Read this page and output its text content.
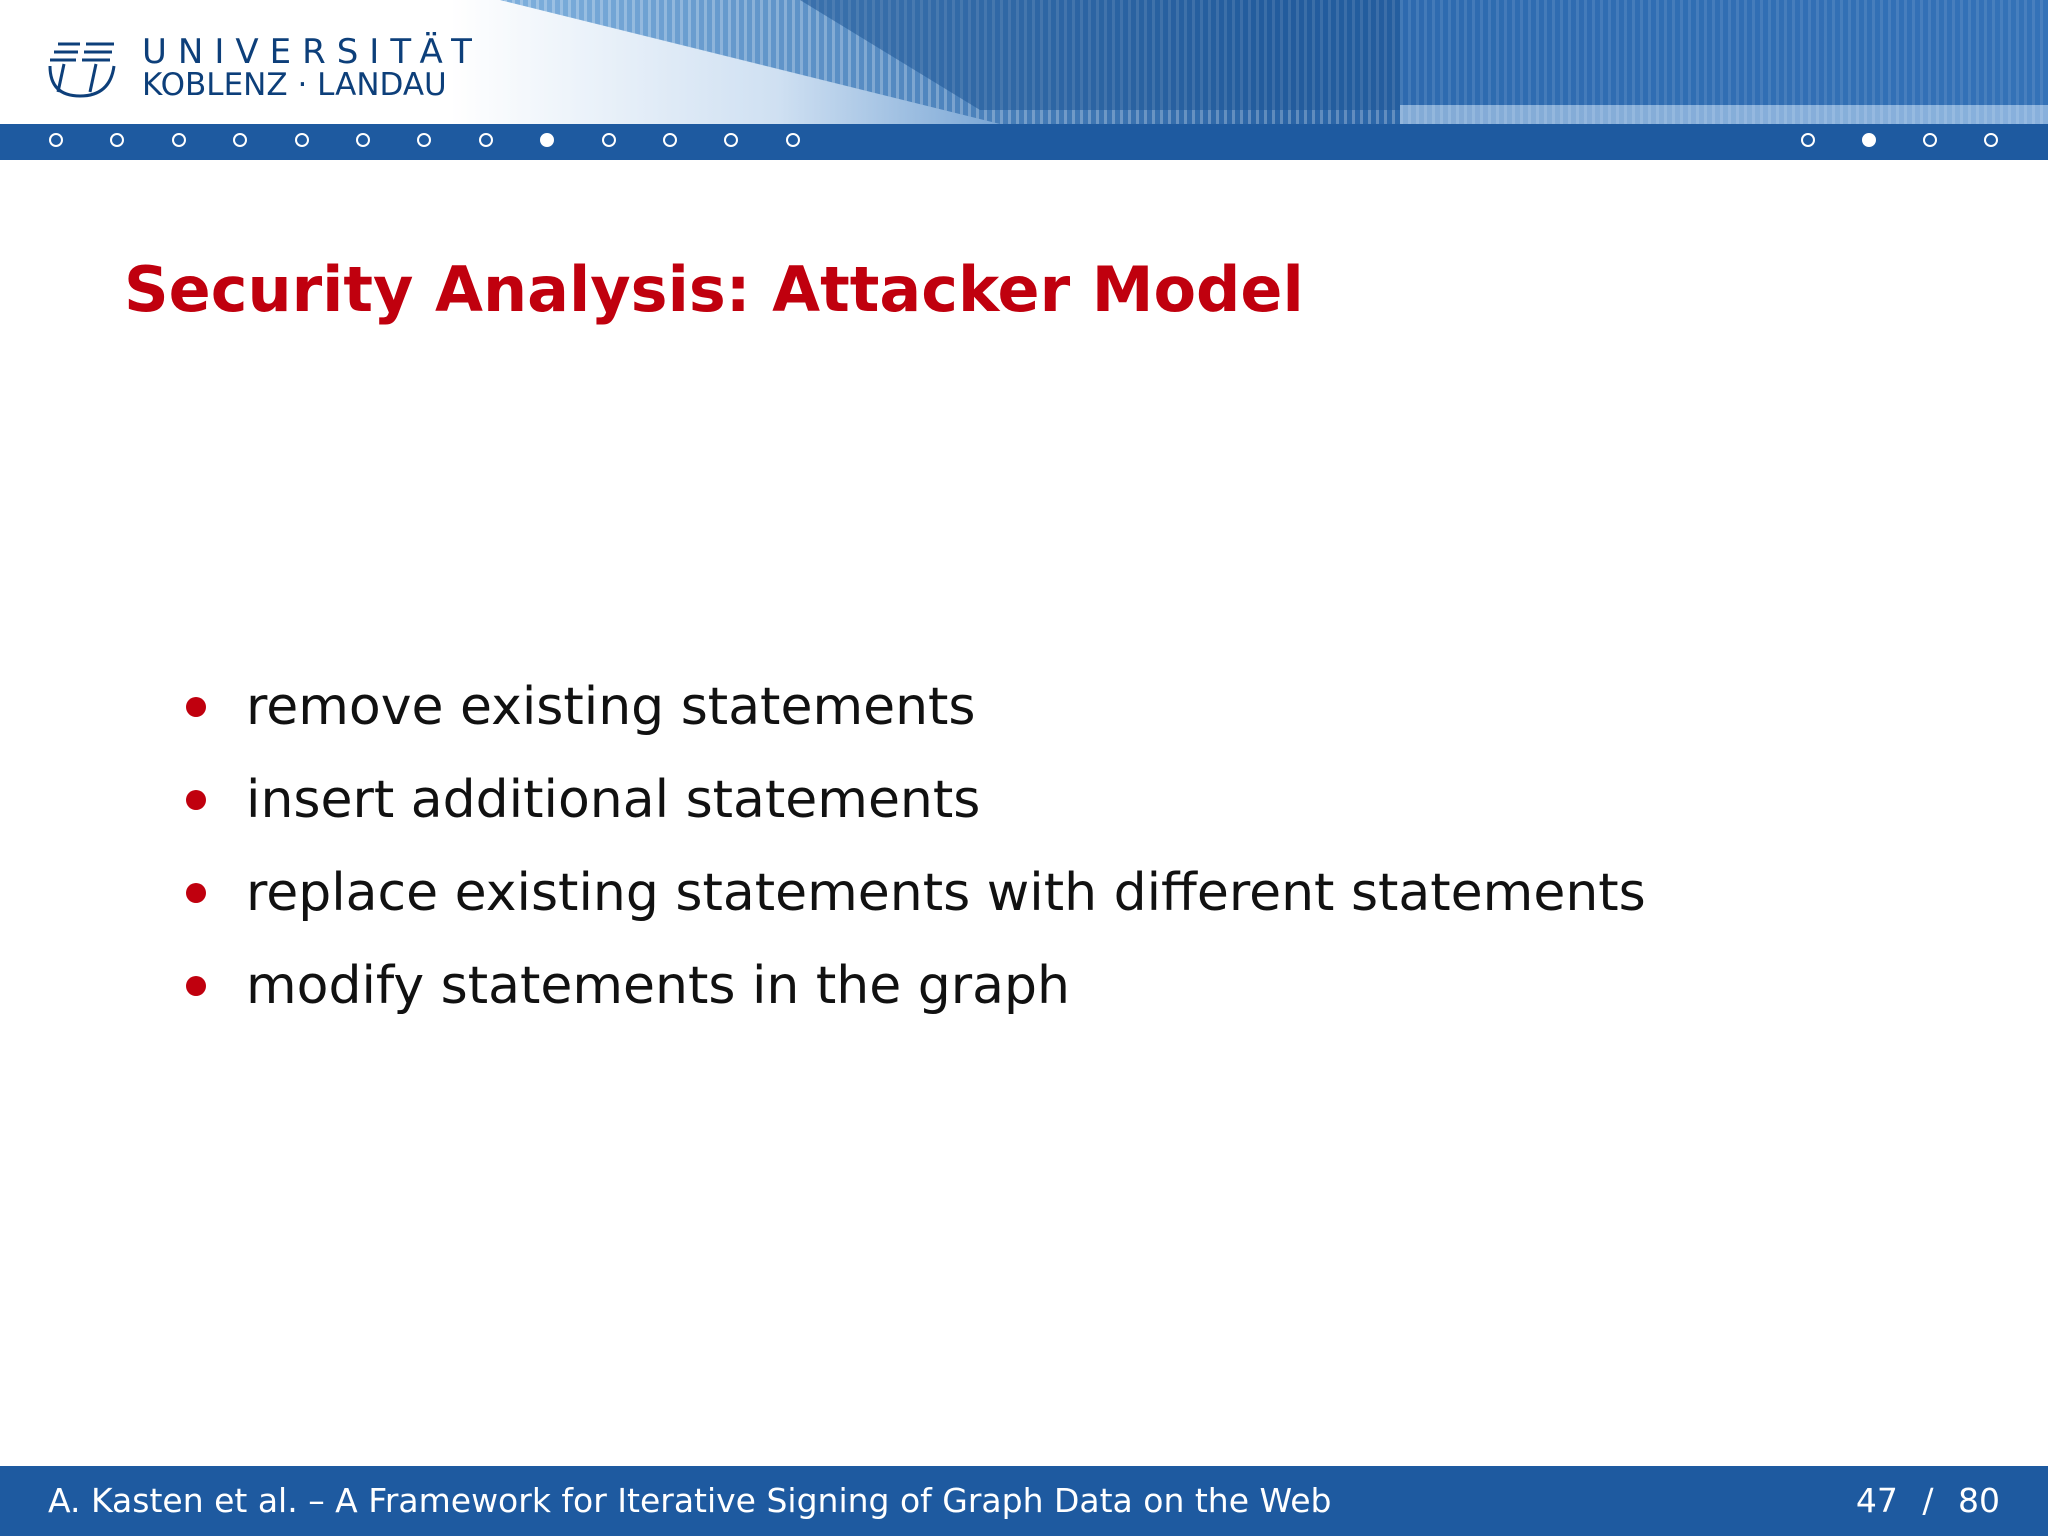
UNIVERSITÄT
KOBLENZ · LANDAU
Security Analysis: Attacker Model
remove existing statements
insert additional statements
replace existing statements with different statements
modify statements in the graph
A. Kasten et al. – A Framework for Iterative Signing of Graph Data on the Web	47 / 80
